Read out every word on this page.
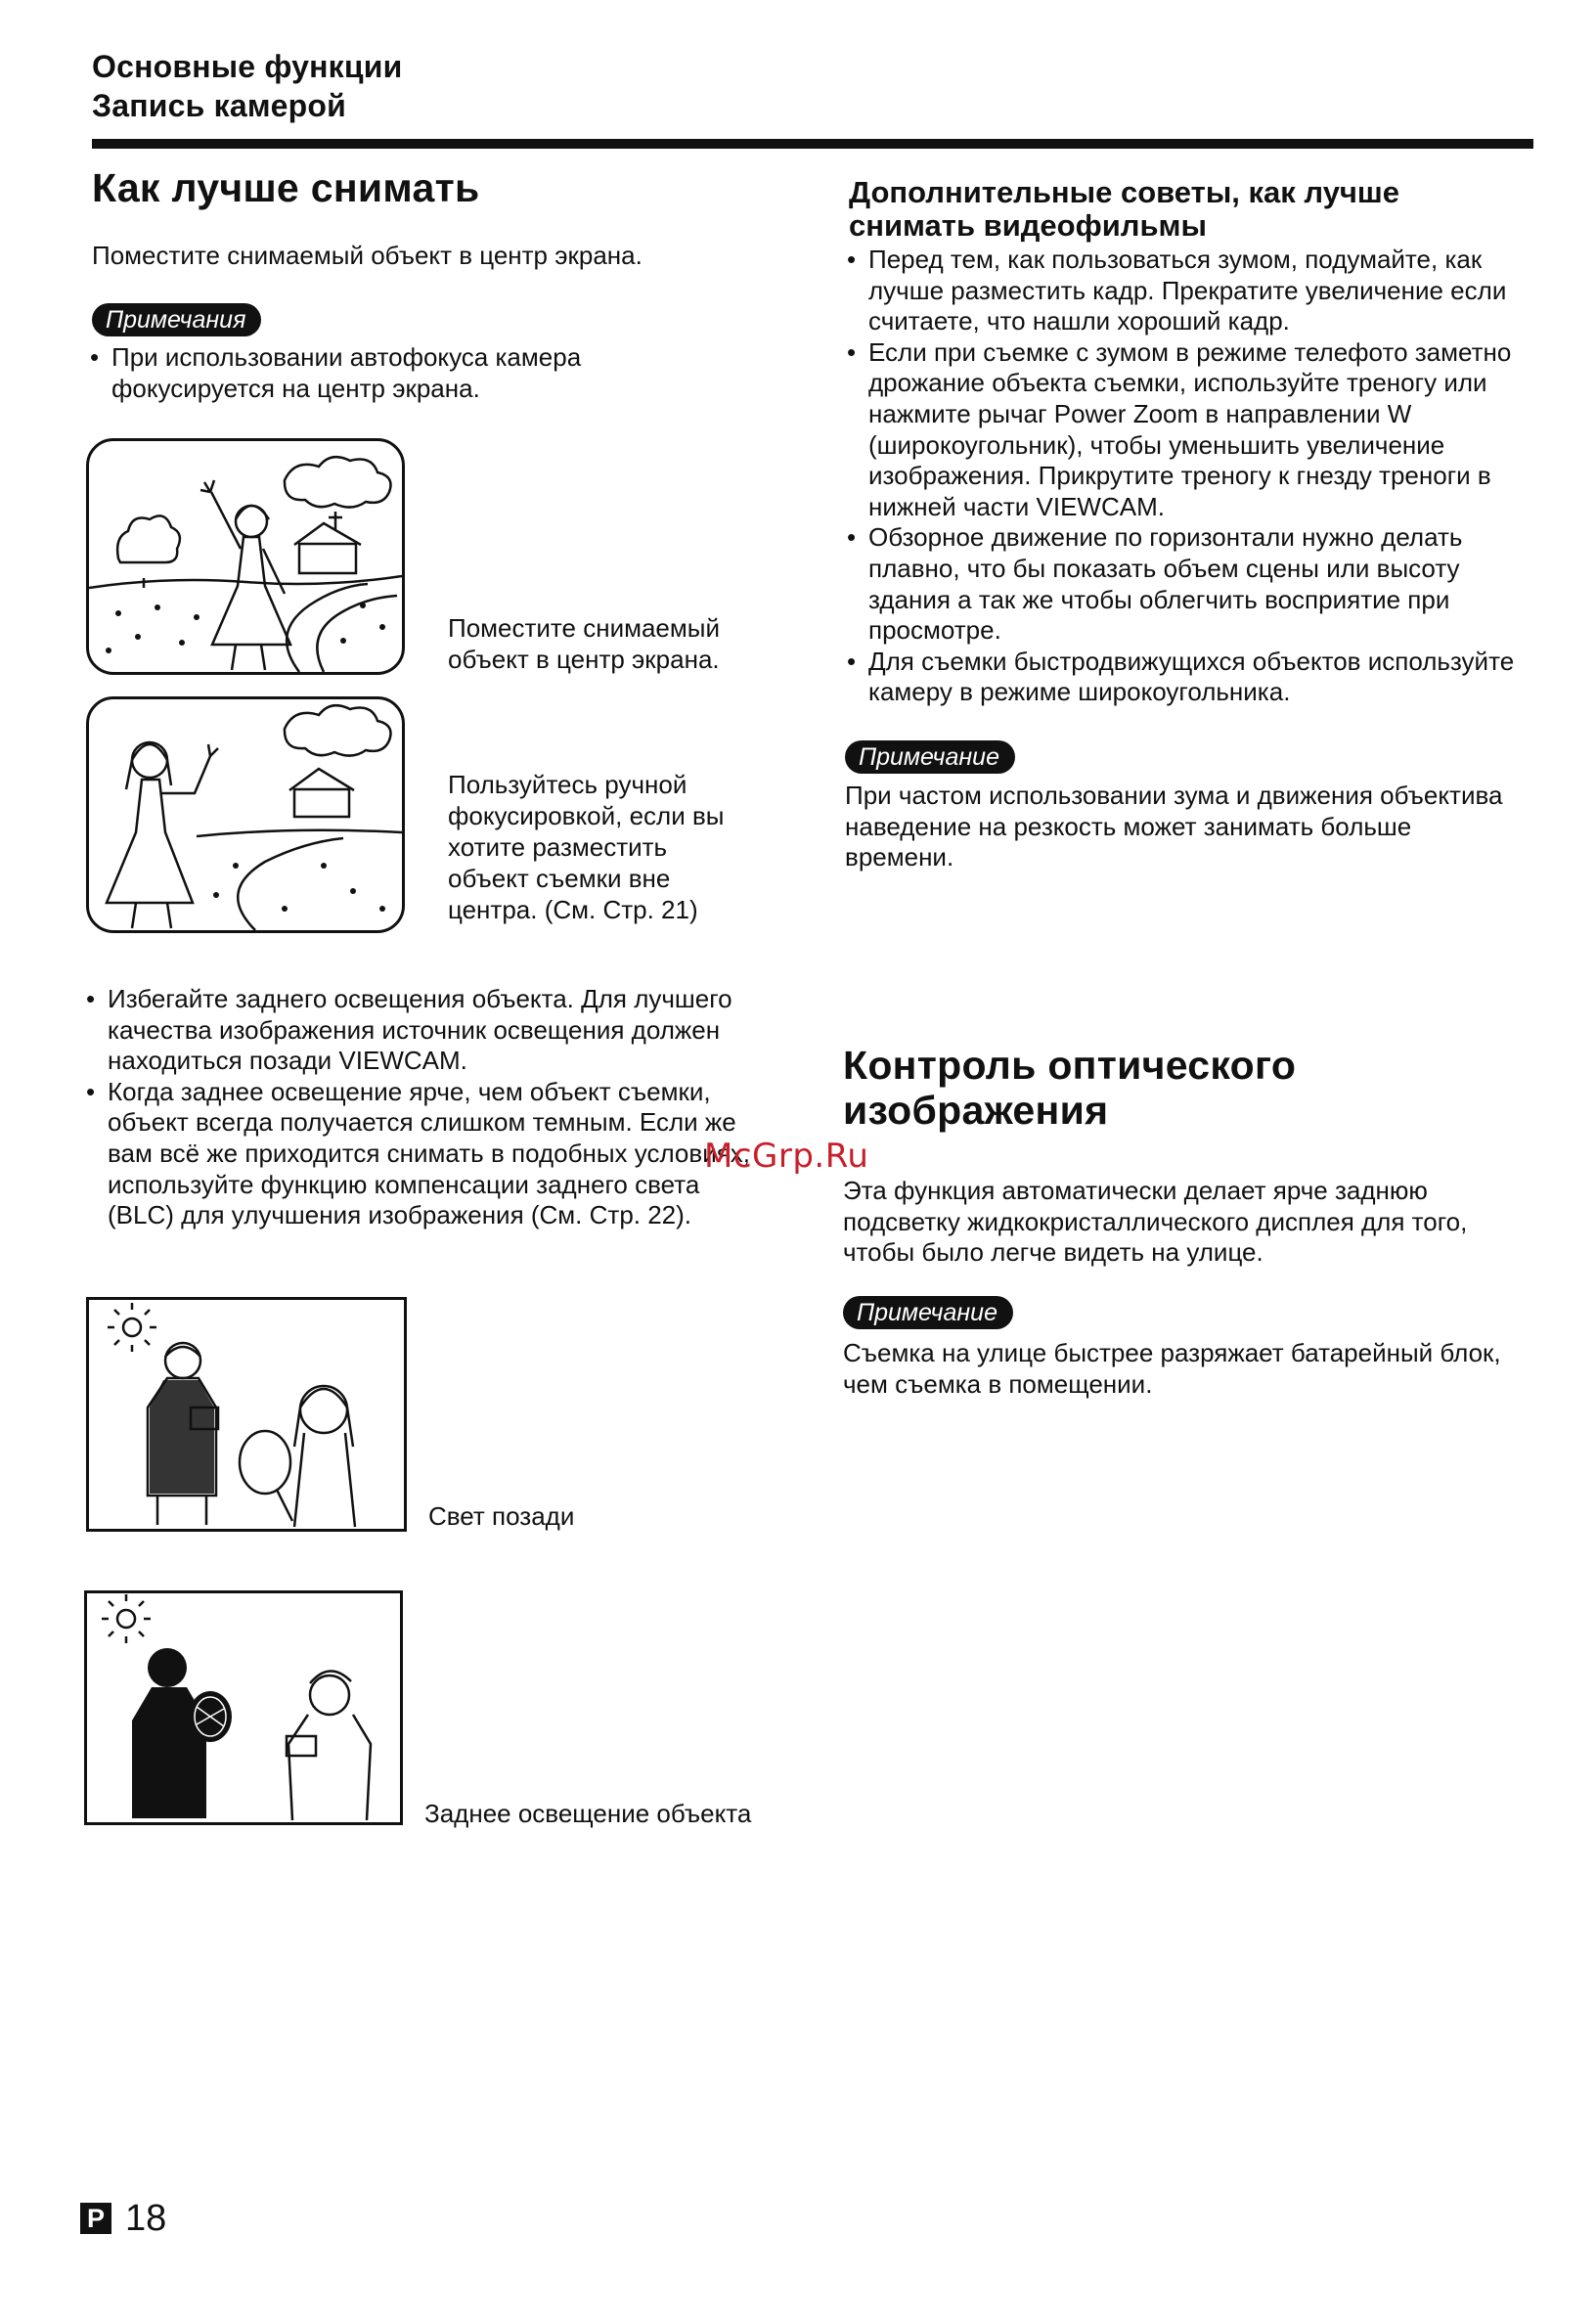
Основные функции
Запись камерой
Как лучше снимать
Поместите снимаемый объект в центр экрана.
Примечания
• При использовании автофокуса камера фокусируется на центр экрана.
Поместите снимаемый объект в центр экрана.
Пользуйтесь ручной фокусировкой, если вы хотите разместить объект съемки вне центра. (См. Стр. 21)
• Избегайте заднего освещения объекта. Для лучшего качества изображения источник освещения должен находиться позади VIEWCAM.
• Когда заднее освещение ярче, чем объект съемки, объект всегда получается слишком темным. Если же вам всё же приходится снимать в подобных условиях, используйте функцию компенсации заднего света (BLC) для улучшения изображения (См. Стр. 22).
Свет позади
Заднее освещение объекта
Дополнительные советы, как лучше снимать видеофильмы
• Перед тем, как пользоваться зумом, подумайте, как лучше разместить кадр. Прекратите увеличение если считаете, что нашли хороший кадр.
• Если при съемке с зумом в режиме телефото заметно дрожание объекта съемки, используйте треногу или нажмите рычаг Power Zoom в направлении W (широкоугольник), чтобы уменьшить увеличение изображения. Прикрутите треногу к гнезду треноги в нижней части VIEWCAM.
• Обзорное движение по горизонтали нужно делать плавно, что бы показать объем сцены или высоту здания а так же чтобы облегчить восприятие при просмотре.
• Для съемки быстродвижущихся объектов используйте камеру в режиме широкоугольника.
Примечание
При частом использовании зума и движения объектива наведение на резкость может занимать больше времени.
Контроль оптического изображения
Эта функция автоматически делает ярче заднюю подсветку жидкокристаллического дисплея для того, чтобы было легче видеть на улице.
Примечание
Съемка на улице быстрее разряжает батарейный блок, чем съемка в помещении.
McGrp.Ru
P 18
